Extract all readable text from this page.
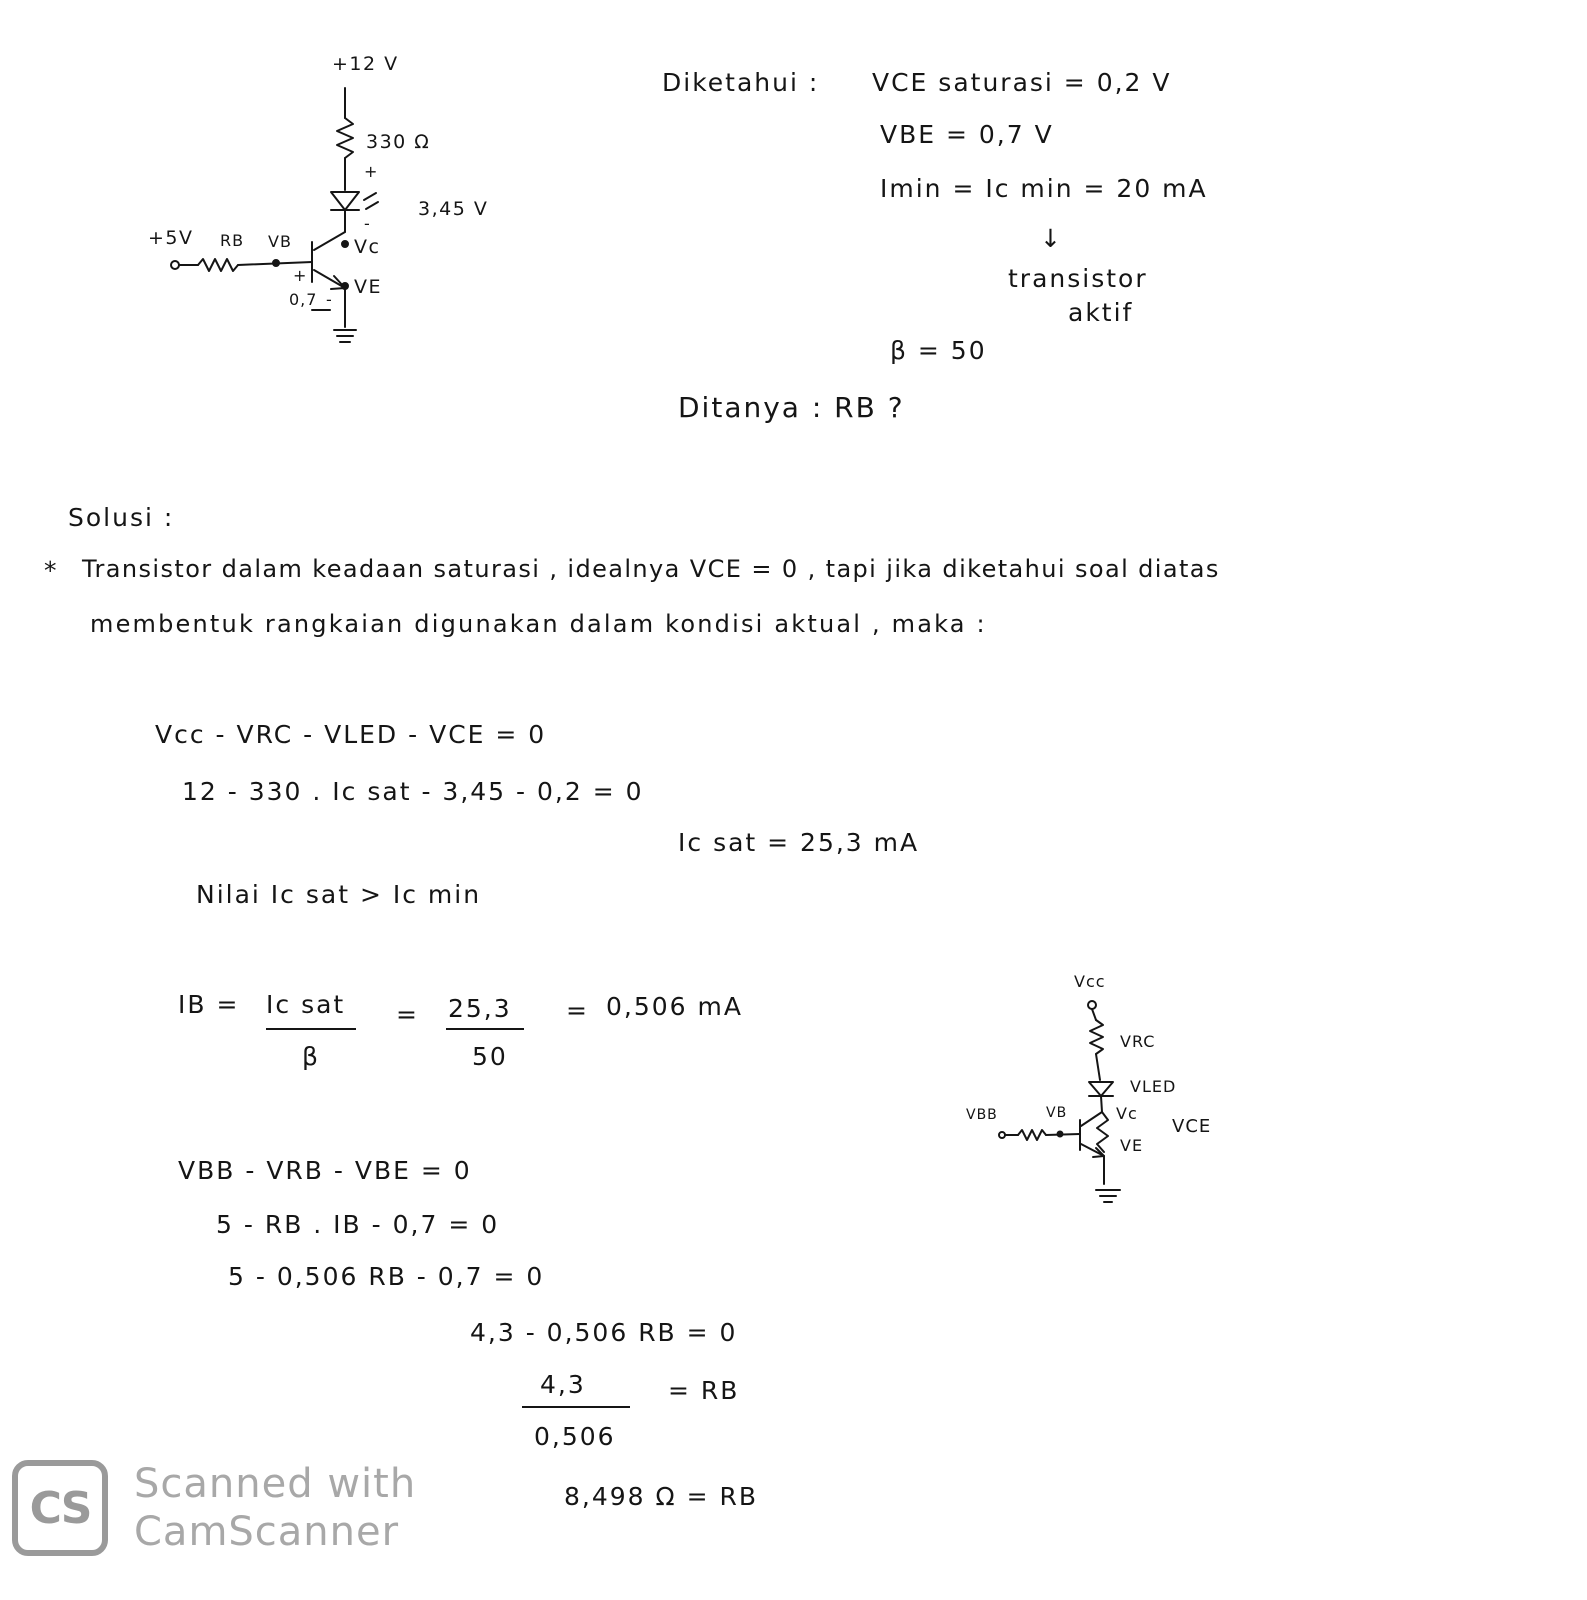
+12 V
330 Ω
+
-
3,45 V
+5V RB VB	Vc
VE
+
0,7 -
Diketahui : VCE saturasi = 0,2 V
VBE = 0,7 V
Imin = Ic min = 20 mA
↓
transistor
aktif
β = 50
Ditanya : RB ?
Solusi :
* Transistor dalam keadaan saturasi , idealnya VCE = 0 , tapi jika diketahui soal diatas
membentuk rangkaian digunakan dalam kondisi aktual , maka :
Vcc - VRC - VLED - VCE = 0
12 - 330 . Ic sat - 3,45 - 0,2 = 0
Ic sat = 25,3 mA
Nilai Ic sat > Ic min
IB = Ic sat
β
= 25,3
50
= 0,506 mA
Vcc
VRC
VLED
VBB	VB	Vc
VE
VCE
VBB - VRB - VBE = 0
5 - RB . IB - 0,7 = 0
5 - 0,506 RB - 0,7 = 0
4,3 - 0,506 RB = 0
4,3
0,506
= RB
8,498 Ω = RB
CS	Scanned with
CamScanner
